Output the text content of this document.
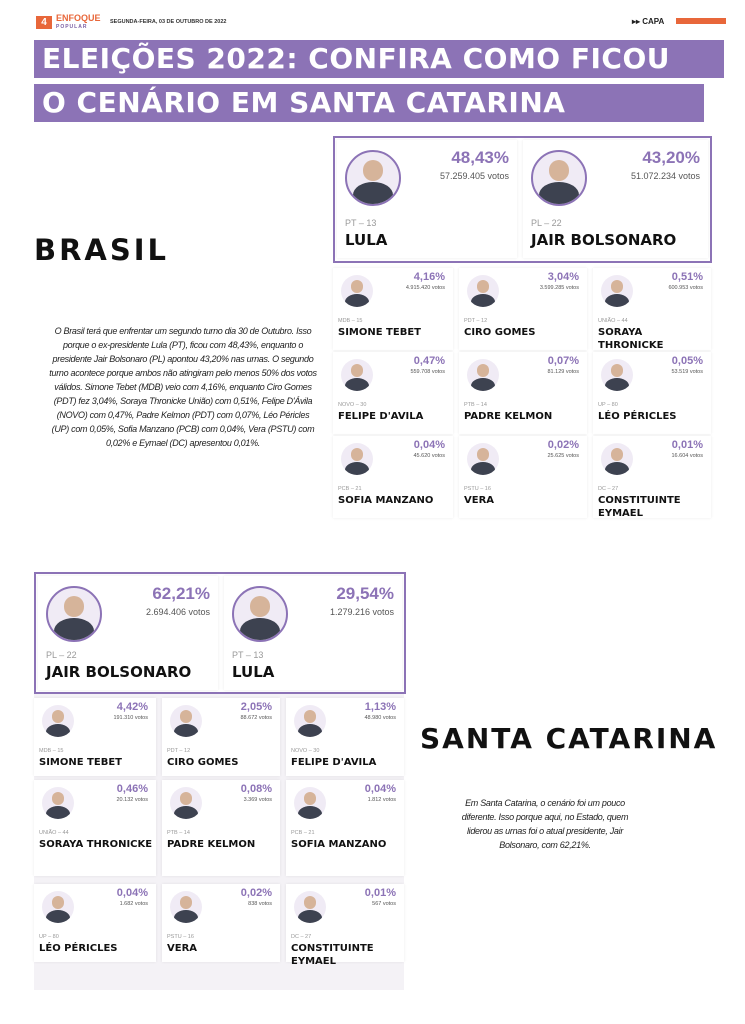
4	ENFOQUE
POPULAR
SEGUNDA-FEIRA, 03 DE OUTUBRO DE 2022	▸▸ CAPA
ELEIÇÕES 2022: CONFIRA COMO FICOU
O CENÁRIO EM SANTA CATARINA
BRASIL
O Brasil terá que enfrentar um segundo turno dia 30 de Outubro. Isso porque o ex-presidente Lula (PT), ficou com 48,43%, enquanto o presidente Jair Bolsonaro (PL) apontou 43,20% nas urnas. O segundo turno acontece porque ambos não atingiram pelo menos 50% dos votos válidos. Simone Tebet (MDB) veio com 4,16%, enquanto Ciro Gomes (PDT) fez 3,04%, Soraya Thronicke União) com 0,51%, Felipe D'Ávila (NOVO) com 0,47%, Padre Kelmon (PDT) com 0,07%, Léo Péricles (UP) com 0,05%, Sofia Manzano (PCB) com 0,04%, Vera (PSTU) com 0,02% e Eymael (DC) apresentou 0,01%.
48,43%
57.259.405 votos
PT – 13
LULA
43,20%
51.072.234 votos
PL – 22
JAIR BOLSONARO
4,16%
4.915.420 votos
MDB – 15
SIMONE TEBET
3,04%
3.599.285 votos
PDT – 12
CIRO GOMES
0,51%
600.953 votos
UNIÃO – 44
SORAYA THRONICKE
0,47%
559.708 votos
NOVO – 30
FELIPE D'AVILA
0,07%
81.129 votos
PTB – 14
PADRE KELMON
0,05%
53.519 votos
UP – 80
LÉO PÉRICLES
0,04%
45.620 votos
PCB – 21
SOFIA MANZANO
0,02%
25.625 votos
PSTU – 16
VERA
0,01%
16.604 votos
DC – 27
CONSTITUINTE EYMAEL
SANTA CATARINA
Em Santa Catarina, o cenário foi um pouco diferente. Isso porque aqui, no Estado, quem liderou as urnas foi o atual presidente, Jair Bolsonaro, com 62,21%.
62,21%
2.694.406 votos
PL – 22
JAIR BOLSONARO
29,54%
1.279.216 votos
PT – 13
LULA
4,42%
191.310 votos
MDB – 15
SIMONE TEBET
2,05%
88.672 votos
PDT – 12
CIRO GOMES
1,13%
48.980 votos
NOVO – 30
FELIPE D'AVILA
0,46%
20.132 votos
UNIÃO – 44
SORAYA THRONICKE
0,08%
3.369 votos
PTB – 14
PADRE KELMON
0,04%
1.812 votos
PCB – 21
SOFIA MANZANO
0,04%
1.682 votos
UP – 80
LÉO PÉRICLES
0,02%
838 votos
PSTU – 16
VERA
0,01%
567 votos
DC – 27
CONSTITUINTE EYMAEL
